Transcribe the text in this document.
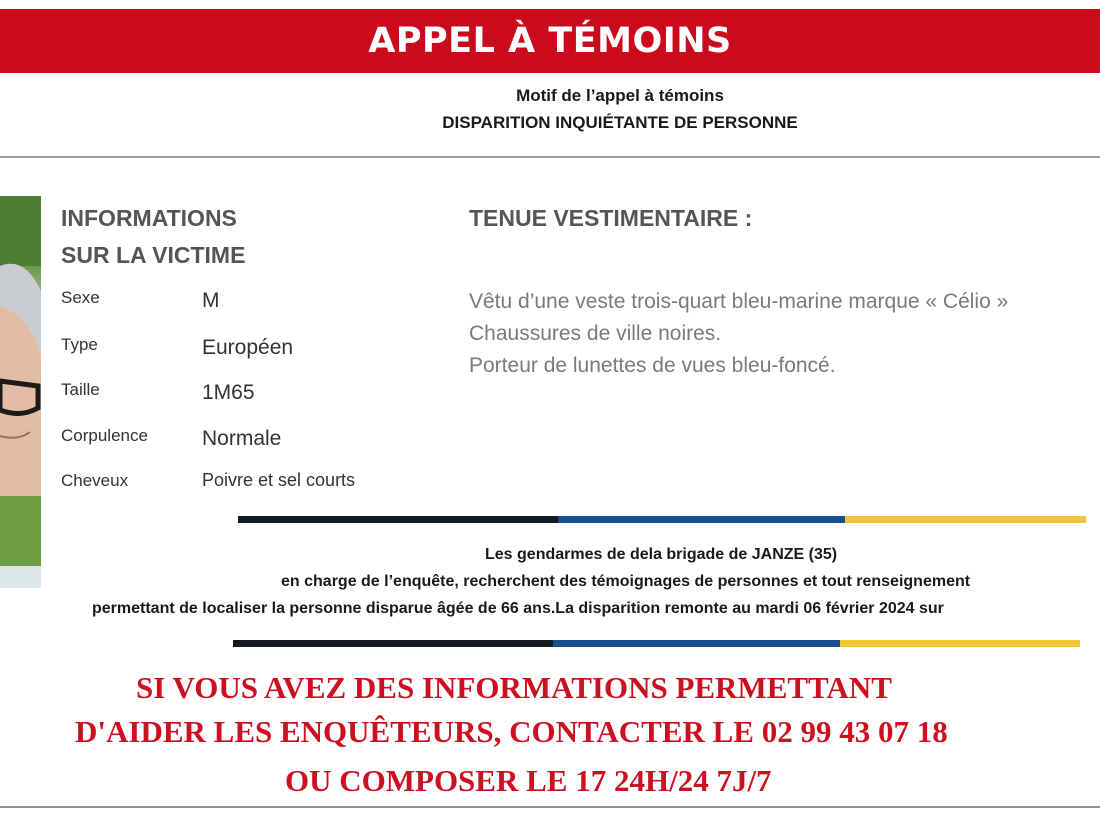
APPEL À TÉMOINS
Motif de l’appel à témoins
DISPARITION INQUIÉTANTE DE PERSONNE
INFORMATIONS
SUR LA VICTIME
Sexe	M
Type	Européen
Taille	1M65
Corpulence	Normale
Cheveux	Poivre et sel courts
TENUE VESTIMENTAIRE :
Vêtu d’une veste trois-quart bleu-marine marque « Célio »
Chaussures de ville noires.
Porteur de lunettes de vues bleu-foncé.
Les gendarmes de dela brigade de JANZE (35)
en charge de l’enquête, recherchent des témoignages de personnes et tout renseignement
permettant de localiser la personne disparue âgée de 66 ans.La disparition remonte au mardi 06 février 2024 sur
SI VOUS AVEZ DES INFORMATIONS PERMETTANT
D'AIDER LES ENQUÊTEURS, CONTACTER LE 02 99 43 07 18
OU COMPOSER LE 17 24H/24 7J/7
